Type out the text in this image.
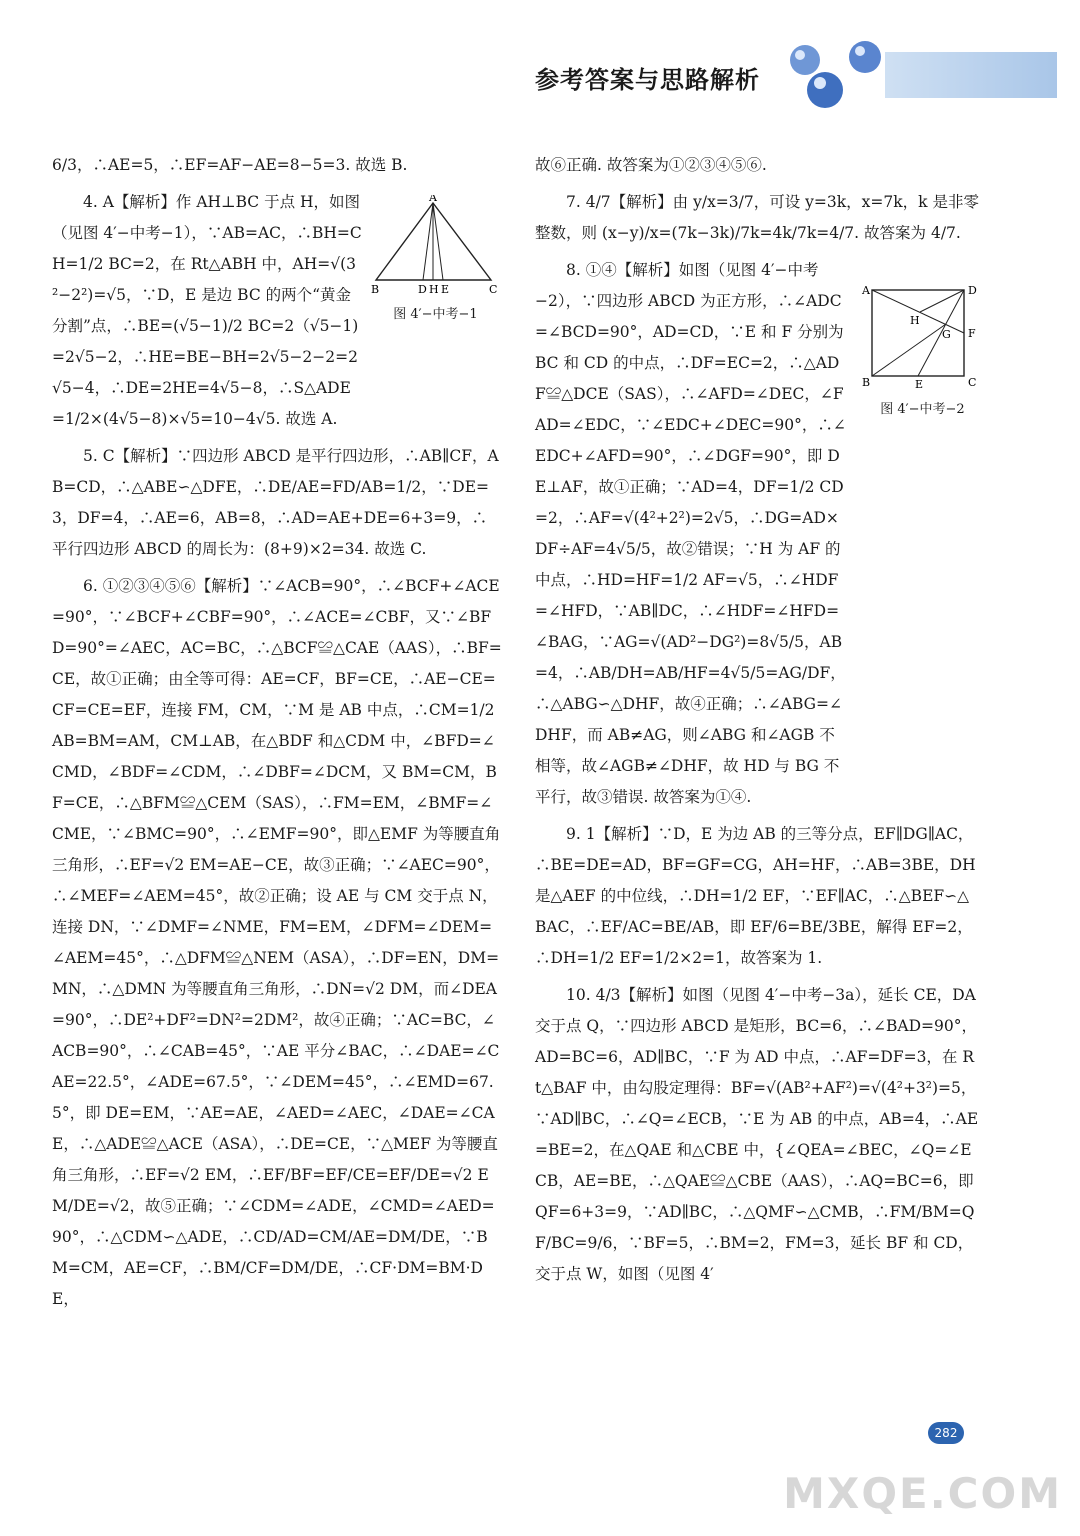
参考答案与思路解析

6/3，∴AE=5，∴EF=AF−AE=8−5=3. 故选 B.

4. A【解析】作 AH⊥BC 于点 H，如图（见图 4′−中考−1），∵AB=AC，∴BH=CH=1/2 BC=2，在 Rt△ABH 中，AH=√(3²−2²)=√5，∵D，E 是边 BC 的两个“黄金分割”点，∴BE=(√5−1)/2 BC=2（√5−1)=2√5−2，∴HE=BE−BH=2√5−2−2=2√5−4，∴DE=2HE=4√5−8，∴S△ADE=1/2×(4√5−8)×√5=10−4√5. 故选 A.

5. C【解析】∵四边形 ABCD 是平行四边形，∴AB∥CF，AB=CD，∴△ABE∽△DFE，∴DE/AE=FD/AB=1/2，∵DE=3，DF=4，∴AE=6，AB=8，∴AD=AE+DE=6+3=9，∴平行四边形 ABCD 的周长为：(8+9)×2=34. 故选 C.

6. ①②③④⑤⑥【解析】∵∠ACB=90°，∴∠BCF+∠ACE=90°，∵∠BCF+∠CBF=90°，∴∠ACE=∠CBF，又∵∠BFD=90°=∠AEC，AC=BC，∴△BCF≌△CAE（AAS），∴BF=CE，故①正确；由全等可得：AE=CF，BF=CE，∴AE−CE=CF=CE=EF，连接 FM，CM，∵M 是 AB 中点，∴CM=1/2 AB=BM=AM，CM⊥AB，在△BDF 和△CDM 中，∠BFD=∠CMD，∠BDF=∠CDM，∴∠DBF=∠DCM，又 BM=CM，BF=CE，∴△BFM≌△CEM（SAS），∴FM=EM，∠BMF=∠CME，∵∠BMC=90°，∴∠EMF=90°，即△EMF 为等腰直角三角形，∴EF=√2 EM=AE−CE，故③正确；∵∠AEC=90°，∴∠MEF=∠AEM=45°，故②正确；设 AE 与 CM 交于点 N，连接 DN，∵∠DMF=∠NME，FM=EM，∠DFM=∠DEM=∠AEM=45°，∴△DFM≌△NEM（ASA），∴DF=EN，DM=MN，∴△DMN 为等腰直角三角形，∴DN=√2 DM，而∠DEA=90°，∴DE²+DF²=DN²=2DM²，故④正确；∵AC=BC，∠ACB=90°，∴∠CAB=45°，∵AE 平分∠BAC，∴∠DAE=∠CAE=22.5°，∠ADE=67.5°，∵∠DEM=45°，∴∠EMD=67.5°，即 DE=EM，∵AE=AE，∠AED=∠AEC，∠DAE=∠CAE，∴△ADE≌△ACE（ASA），∴DE=CE，∵△MEF 为等腰直角三角形，∴EF=√2 EM，∴EF/BF=EF/CE=EF/DE=√2 EM/DE=√2，故⑤正确；∵∠CDM=∠ADE，∠CMD=∠AED=90°，∴△CDM∽△ADE，∴CD/AD=CM/AE=DM/DE，∵BM=CM，AE=CF，∴BM/CF=DM/DE，∴CF·DM=BM·DE，

A
B	D H E	C
图 4′−中考−1

故⑥正确. 故答案为①②③④⑤⑥.

7. 4/7【解析】由 y/x=3/7，可设 y=3k，x=7k，k 是非零整数，则 (x−y)/x=(7k−3k)/7k=4k/7k=4/7. 故答案为 4/7.

8. ①④【解析】如图（见图 4′−中考−2），∵四边形 ABCD 为正方形，∴∠ADC=∠BCD=90°，AD=CD，∵E 和 F 分别为 BC 和 CD 的中点，∴DF=EC=2，∴△ADF≌△DCE（SAS），∴∠AFD=∠DEC，∠FAD=∠EDC，∵∠EDC+∠DEC=90°，∴∠EDC+∠AFD=90°，∴∠DGF=90°，即 DE⊥AF，故①正确；∵AD=4，DF=1/2 CD=2，∴AF=√(4²+2²)=2√5，∴DG=AD×DF÷AF=4√5/5，故②错误；∵H 为 AF 的中点，∴HD=HF=1/2 AF=√5，∴∠HDF=∠HFD，∵AB∥DC，∴∠HDF=∠HFD=∠BAG，∵AG=√(AD²−DG²)=8√5/5，AB=4，∴AB/DH=AB/HF=4√5/5=AG/DF，∴△ABG∽△DHF，故④正确；∴∠ABG=∠DHF，而 AB≠AG，则∠ABG 和∠AGB 不相等，故∠AGB≠∠DHF，故 HD 与 BG 不平行，故③错误. 故答案为①④.

9. 1【解析】∵D，E 为边 AB 的三等分点，EF∥DG∥AC，∴BE=DE=AD，BF=GF=CG，AH=HF，∴AB=3BE，DH 是△AEF 的中位线，∴DH=1/2 EF，∵EF∥AC，∴△BEF∽△BAC，∴EF/AC=BE/AB，即 EF/6=BE/3BE，解得 EF=2，∴DH=1/2 EF=1/2×2=1，故答案为 1.

10. 4/3【解析】如图（见图 4′−中考−3a），延长 CE，DA 交于点 Q，∵四边形 ABCD 是矩形，BC=6，∴∠BAD=90°，AD=BC=6，AD∥BC，∵F 为 AD 中点，∴AF=DF=3，在 Rt△BAF 中，由勾股定理得：BF=√(AB²+AF²)=√(4²+3²)=5，∵AD∥BC，∴∠Q=∠ECB，∵E 为 AB 的中点，AB=4，∴AE=BE=2，在△QAE 和△CBE 中，{∠QEA=∠BEC，∠Q=∠ECB，AE=BE，∴△QAE≌△CBE（AAS），∴AQ=BC=6，即 QF=6+3=9，∵AD∥BC，∴△QMF∽△CMB，∴FM/BM=QF/BC=9/6，∵BF=5，∴BM=2，FM=3，延长 BF 和 CD，交于点 W，如图（见图 4′

A	D
H
G F
B	E	C
图 4′−中考−2
282
MXQE.COM
